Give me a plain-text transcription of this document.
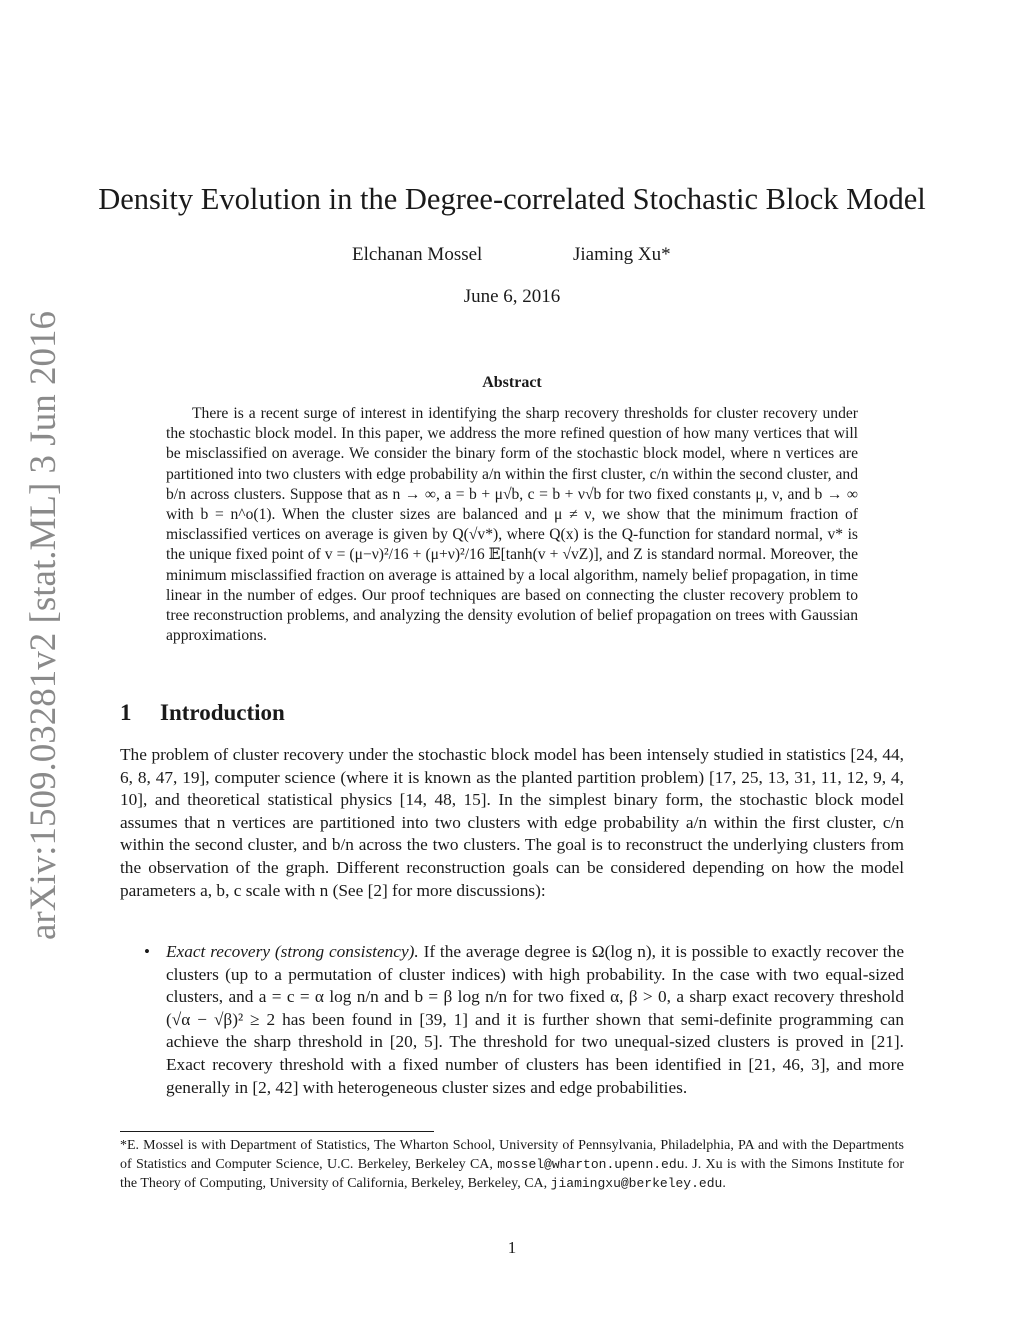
arXiv:1509.03281v2 [stat.ML] 3 Jun 2016
Density Evolution in the Degree-correlated Stochastic Block Model
Elchanan Mossel	Jiaming Xu*
June 6, 2016
Abstract

There is a recent surge of interest in identifying the sharp recovery thresholds for cluster recovery under the stochastic block model. In this paper, we address the more refined question of how many vertices that will be misclassified on average. We consider the binary form of the stochastic block model, where n vertices are partitioned into two clusters with edge probability a/n within the first cluster, c/n within the second cluster, and b/n across clusters. Suppose that as n → ∞, a = b + μ√b, c = b + ν√b for two fixed constants μ, ν, and b → ∞ with b = n^o(1). When the cluster sizes are balanced and μ ≠ ν, we show that the minimum fraction of misclassified vertices on average is given by Q(√v*), where Q(x) is the Q-function for standard normal, v* is the unique fixed point of v = (μ−ν)²/16 + (μ+ν)²/16 𝔼[tanh(v + √vZ)], and Z is standard normal. Moreover, the minimum misclassified fraction on average is attained by a local algorithm, namely belief propagation, in time linear in the number of edges. Our proof techniques are based on connecting the cluster recovery problem to tree reconstruction problems, and analyzing the density evolution of belief propagation on trees with Gaussian approximations.

1 Introduction

The problem of cluster recovery under the stochastic block model has been intensely studied in statistics [24, 44, 6, 8, 47, 19], computer science (where it is known as the planted partition problem) [17, 25, 13, 31, 11, 12, 9, 4, 10], and theoretical statistical physics [14, 48, 15]. In the simplest binary form, the stochastic block model assumes that n vertices are partitioned into two clusters with edge probability a/n within the first cluster, c/n within the second cluster, and b/n across the two clusters. The goal is to reconstruct the underlying clusters from the observation of the graph. Different reconstruction goals can be considered depending on how the model parameters a, b, c scale with n (See [2] for more discussions):

• Exact recovery (strong consistency). If the average degree is Ω(log n), it is possible to exactly recover the clusters (up to a permutation of cluster indices) with high probability. In the case with two equal-sized clusters, and a = c = α log n/n and b = β log n/n for two fixed α, β > 0, a sharp exact recovery threshold (√α − √β)² ≥ 2 has been found in [39, 1] and it is further shown that semi-definite programming can achieve the sharp threshold in [20, 5]. The threshold for two unequal-sized clusters is proved in [21]. Exact recovery threshold with a fixed number of clusters has been identified in [21, 46, 3], and more generally in [2, 42] with heterogeneous cluster sizes and edge probabilities.

*E. Mossel is with Department of Statistics, The Wharton School, University of Pennsylvania, Philadelphia, PA and with the Departments of Statistics and Computer Science, U.C. Berkeley, Berkeley CA, mossel@wharton.upenn.edu. J. Xu is with the Simons Institute for the Theory of Computing, University of California, Berkeley, Berkeley, CA, jiamingxu@berkeley.edu.

1
